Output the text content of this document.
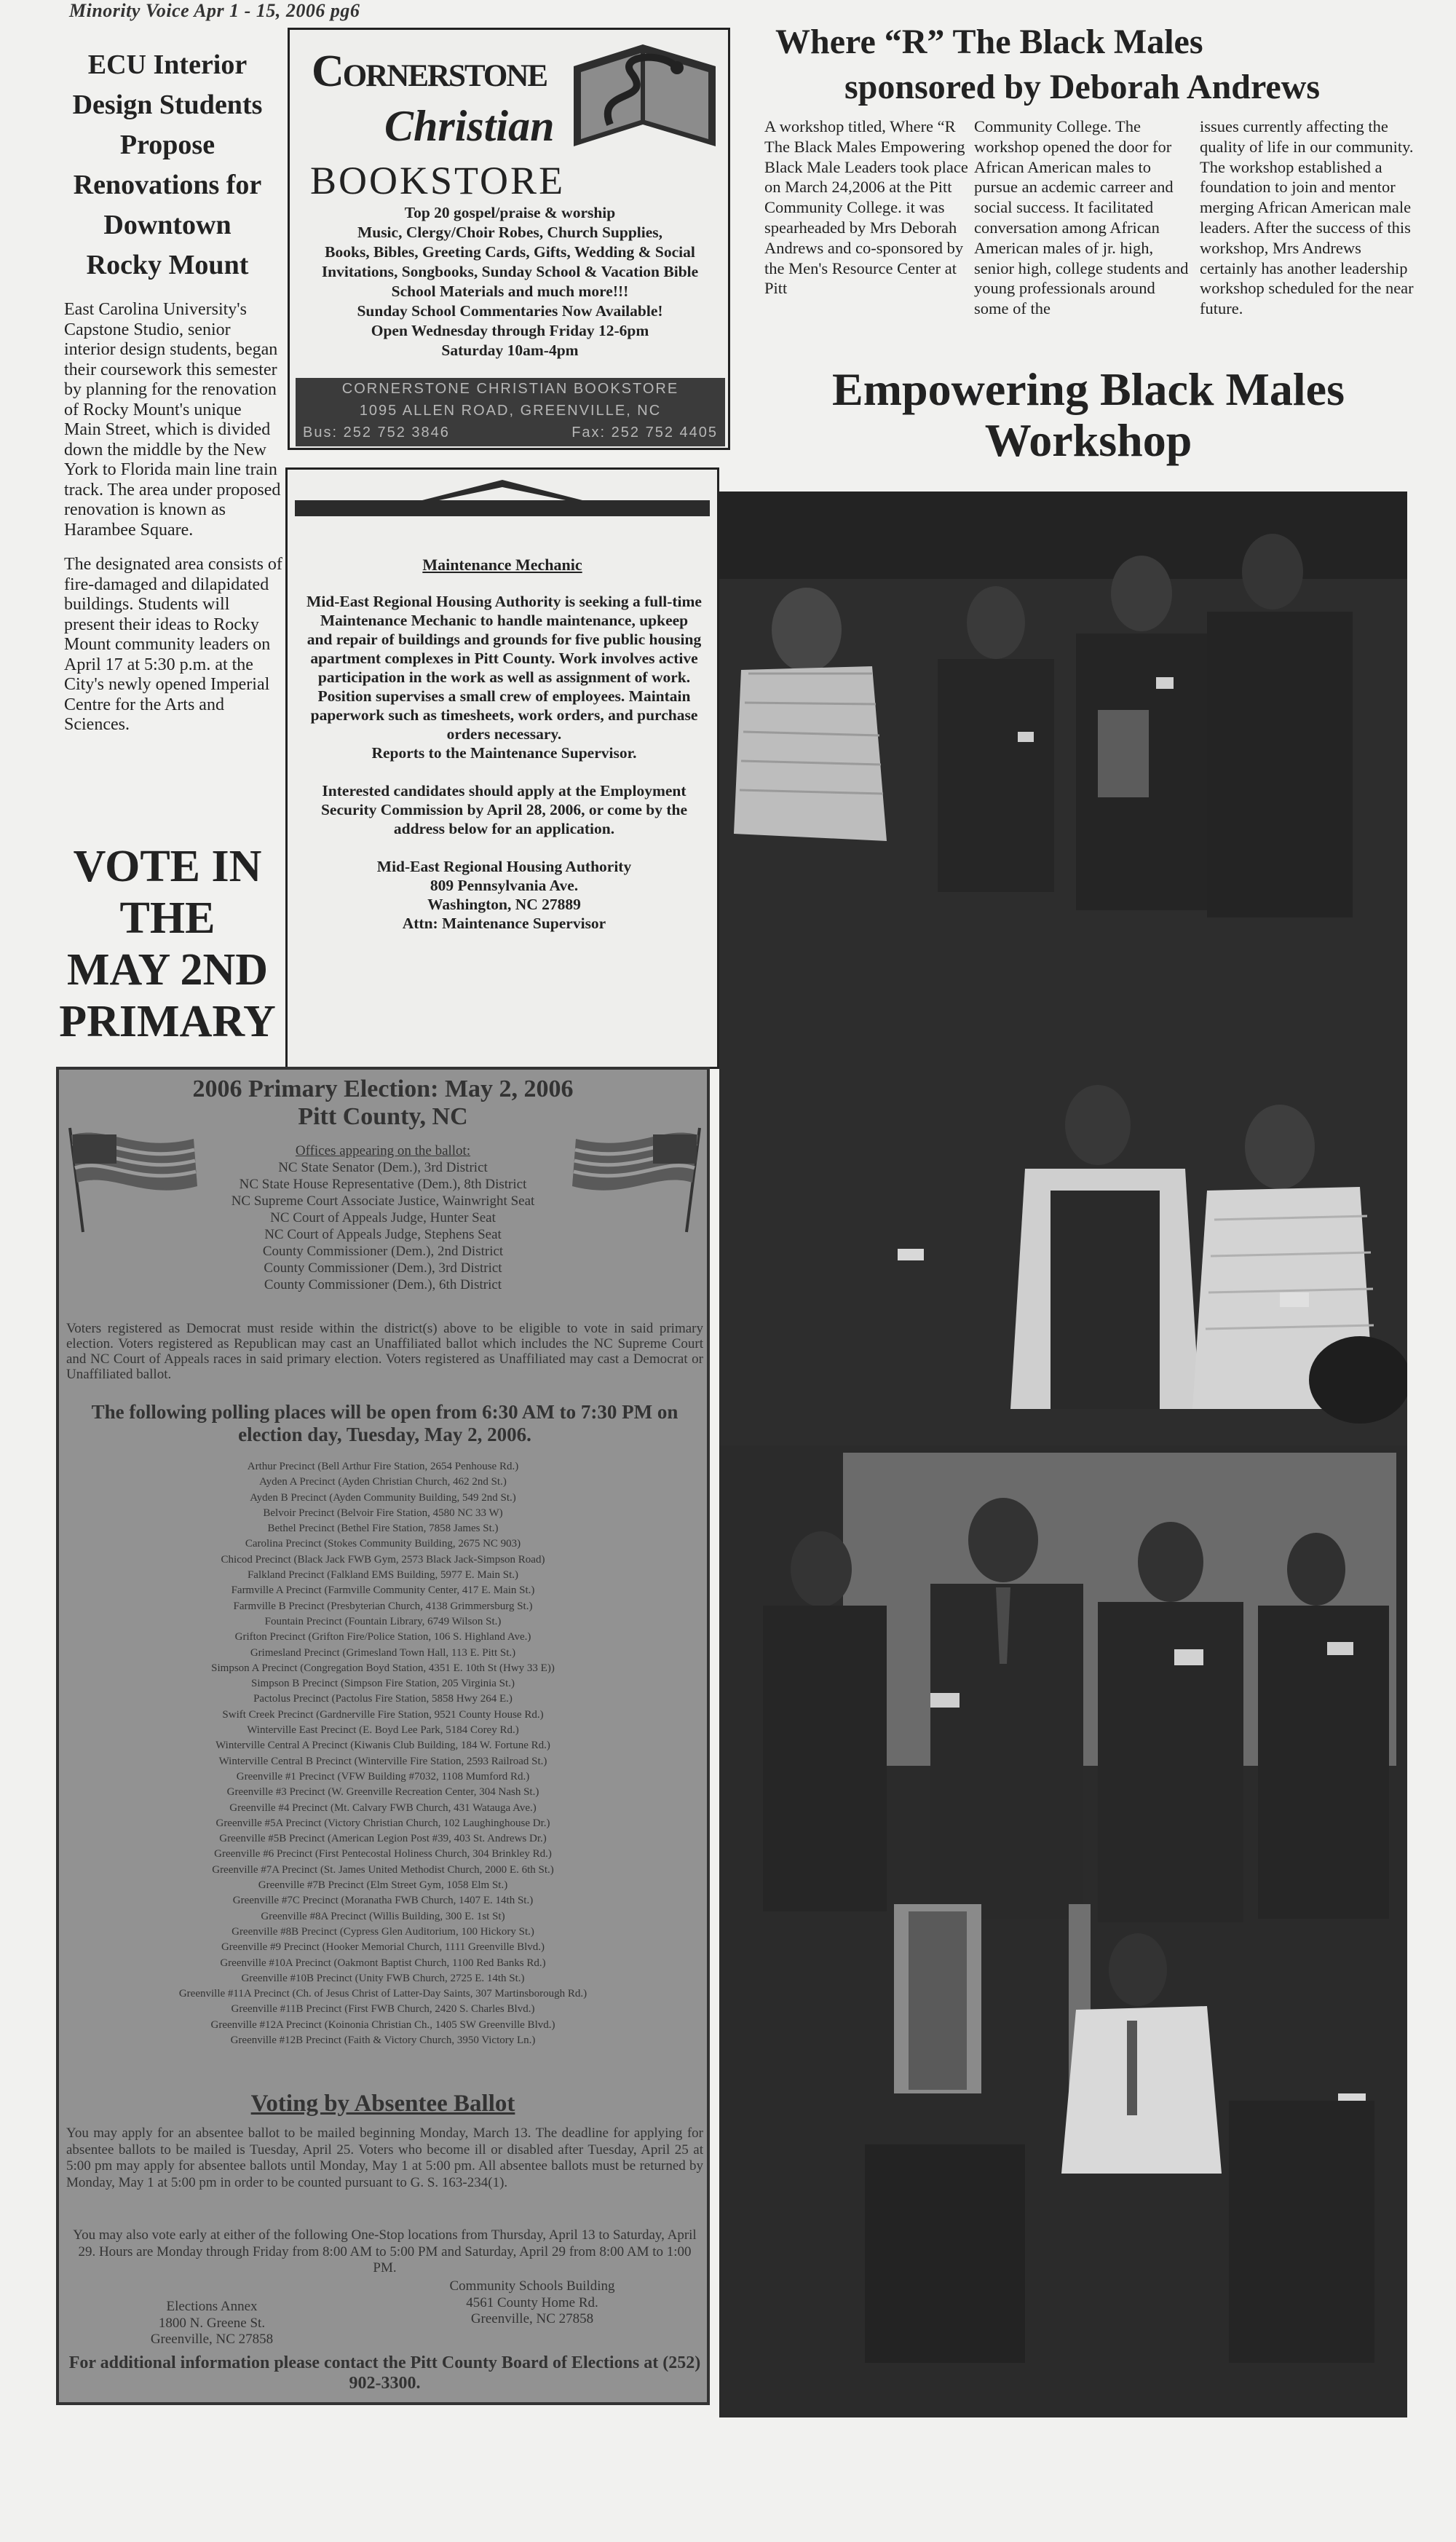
Minority Voice Apr 1 - 15, 2006 pg6
ECU Interior
Design Students
Propose
Renovations for
Downtown
Rocky Mount

East Carolina University's Capstone Studio, senior interior design students, began their coursework this semester by planning for the renovation of Rocky Mount's unique Main Street, which is divided down the middle by the New York to Florida main line train track. The area under proposed renovation is known as Harambee Square.

The designated area consists of fire-damaged and dilapidated buildings. Students will present their ideas to Rocky Mount community leaders on April 17 at 5:30 p.m. at the City's newly opened Imperial Centre for the Arts and Sciences.

VOTE IN
THE
MAY 2ND
PRIMARY
Cornerstone
Christian
BOOKSTORE
Top 20 gospel/praise & worship
Music, Clergy/Choir Robes, Church Supplies,
Books, Bibles, Greeting Cards, Gifts, Wedding & Social
Invitations, Songbooks, Sunday School & Vacation Bible
School Materials and much more!!!
Sunday School Commentaries Now Available!
Open Wednesday through Friday 12-6pm
Saturday 10am-4pm
CORNERSTONE CHRISTIAN BOOKSTORE
1095 ALLEN ROAD, GREENVILLE, NC
Bus: 252 752 3846	Fax: 252 752 4405
Maintenance Mechanic

Mid-East Regional Housing Authority is seeking a full-time Maintenance Mechanic to handle maintenance, upkeep and repair of buildings and grounds for five public housing apartment complexes in Pitt County. Work involves active participation in the work as well as assignment of work. Position supervises a small crew of employees. Maintain paperwork such as timesheets, work orders, and purchase orders necessary.
Reports to the Maintenance Supervisor.

Interested candidates should apply at the Employment Security Commission by April 28, 2006, or come by the address below for an application.

Mid-East Regional Housing Authority
809 Pennsylvania Ave.
Washington, NC 27889
Attn: Maintenance Supervisor

2006 Primary Election: May 2, 2006
Pitt County, NC
Offices appearing on the ballot:
NC State Senator (Dem.), 3rd District
NC State House Representative (Dem.), 8th District
NC Supreme Court Associate Justice, Wainwright Seat
NC Court of Appeals Judge, Hunter Seat
NC Court of Appeals Judge, Stephens Seat
County Commissioner (Dem.), 2nd District
County Commissioner (Dem.), 3rd District
County Commissioner (Dem.), 6th District
Voters registered as Democrat must reside within the district(s) above to be eligible to vote in said primary election. Voters registered as Republican may cast an Unaffiliated ballot which includes the NC Supreme Court and NC Court of Appeals races in said primary election. Voters registered as Unaffiliated may cast a Democrat or Unaffiliated ballot.
The following polling places will be open from 6:30 AM to 7:30 PM on election day, Tuesday, May 2, 2006.
Arthur Precinct (Bell Arthur Fire Station, 2654 Penhouse Rd.)
Ayden A Precinct (Ayden Christian Church, 462 2nd St.)
Ayden B Precinct (Ayden Community Building, 549 2nd St.)
Belvoir Precinct (Belvoir Fire Station, 4580 NC 33 W)
Bethel Precinct (Bethel Fire Station, 7858 James St.)
Carolina Precinct (Stokes Community Building, 2675 NC 903)
Chicod Precinct (Black Jack FWB Gym, 2573 Black Jack-Simpson Road)
Falkland Precinct (Falkland EMS Building, 5977 E. Main St.)
Farmville A Precinct (Farmville Community Center, 417 E. Main St.)
Farmville B Precinct (Presbyterian Church, 4138 Grimmersburg St.)
Fountain Precinct (Fountain Library, 6749 Wilson St.)
Grifton Precinct (Grifton Fire/Police Station, 106 S. Highland Ave.)
Grimesland Precinct (Grimesland Town Hall, 113 E. Pitt St.)
Simpson A Precinct (Congregation Boyd Station, 4351 E. 10th St (Hwy 33 E))
Simpson B Precinct (Simpson Fire Station, 205 Virginia St.)
Pactolus Precinct (Pactolus Fire Station, 5858 Hwy 264 E.)
Swift Creek Precinct (Gardnerville Fire Station, 9521 County House Rd.)
Winterville East Precinct (E. Boyd Lee Park, 5184 Corey Rd.)
Winterville Central A Precinct (Kiwanis Club Building, 184 W. Fortune Rd.)
Winterville Central B Precinct (Winterville Fire Station, 2593 Railroad St.)
Greenville #1 Precinct (VFW Building #7032, 1108 Mumford Rd.)
Greenville #3 Precinct (W. Greenville Recreation Center, 304 Nash St.)
Greenville #4 Precinct (Mt. Calvary FWB Church, 431 Watauga Ave.)
Greenville #5A Precinct (Victory Christian Church, 102 Laughinghouse Dr.)
Greenville #5B Precinct (American Legion Post #39, 403 St. Andrews Dr.)
Greenville #6 Precinct (First Pentecostal Holiness Church, 304 Brinkley Rd.)
Greenville #7A Precinct (St. James United Methodist Church, 2000 E. 6th St.)
Greenville #7B Precinct (Elm Street Gym, 1058 Elm St.)
Greenville #7C Precinct (Moranatha FWB Church, 1407 E. 14th St.)
Greenville #8A Precinct (Willis Building, 300 E. 1st St)
Greenville #8B Precinct (Cypress Glen Auditorium, 100 Hickory St.)
Greenville #9 Precinct (Hooker Memorial Church, 1111 Greenville Blvd.)
Greenville #10A Precinct (Oakmont Baptist Church, 1100 Red Banks Rd.)
Greenville #10B Precinct (Unity FWB Church, 2725 E. 14th St.)
Greenville #11A Precinct (Ch. of Jesus Christ of Latter-Day Saints, 307 Martinsborough Rd.)
Greenville #11B Precinct (First FWB Church, 2420 S. Charles Blvd.)
Greenville #12A Precinct (Koinonia Christian Ch., 1405 SW Greenville Blvd.)
Greenville #12B Precinct (Faith & Victory Church, 3950 Victory Ln.)
Voting by Absentee Ballot
You may apply for an absentee ballot to be mailed beginning Monday, March 13. The deadline for applying for absentee ballots to be mailed is Tuesday, April 25. Voters who become ill or disabled after Tuesday, April 25 at 5:00 pm may apply for absentee ballots until Monday, May 1 at 5:00 pm. All absentee ballots must be returned by Monday, May 1 at 5:00 pm in order to be counted pursuant to G. S. 163-234(1).
You may also vote early at either of the following One-Stop locations from Thursday, April 13 to Saturday, April 29. Hours are Monday through Friday from 8:00 AM to 5:00 PM and Saturday, April 29 from 8:00 AM to 1:00 PM.
Elections Annex
1800 N. Greene St.
Greenville, NC 27858
Community Schools Building
4561 County Home Rd.
Greenville, NC 27858
For additional information please contact the Pitt County Board of Elections at (252) 902-3300.
Where “R” The Black Males
sponsored by Deborah Andrews
A workshop titled, Where “R The Black Males Empowering Black Male Leaders took place on March 24,2006 at the Pitt Community College. it was spearheaded by Mrs Deborah Andrews and co-sponsored by the Men's Resource Center at Pitt
Community College. The workshop opened the door for African American males to pursue an acdemic carreer and social success. It facilitated conversation among African American males of jr. high, senior high, college students and young professionals around some of the
issues currently affecting the quality of life in our community. The workshop established a foundation to join and mentor merging African American male leaders. After the success of this workshop, Mrs Andrews certainly has another leadership workshop scheduled for the near future.
Empowering Black Males
Workshop
